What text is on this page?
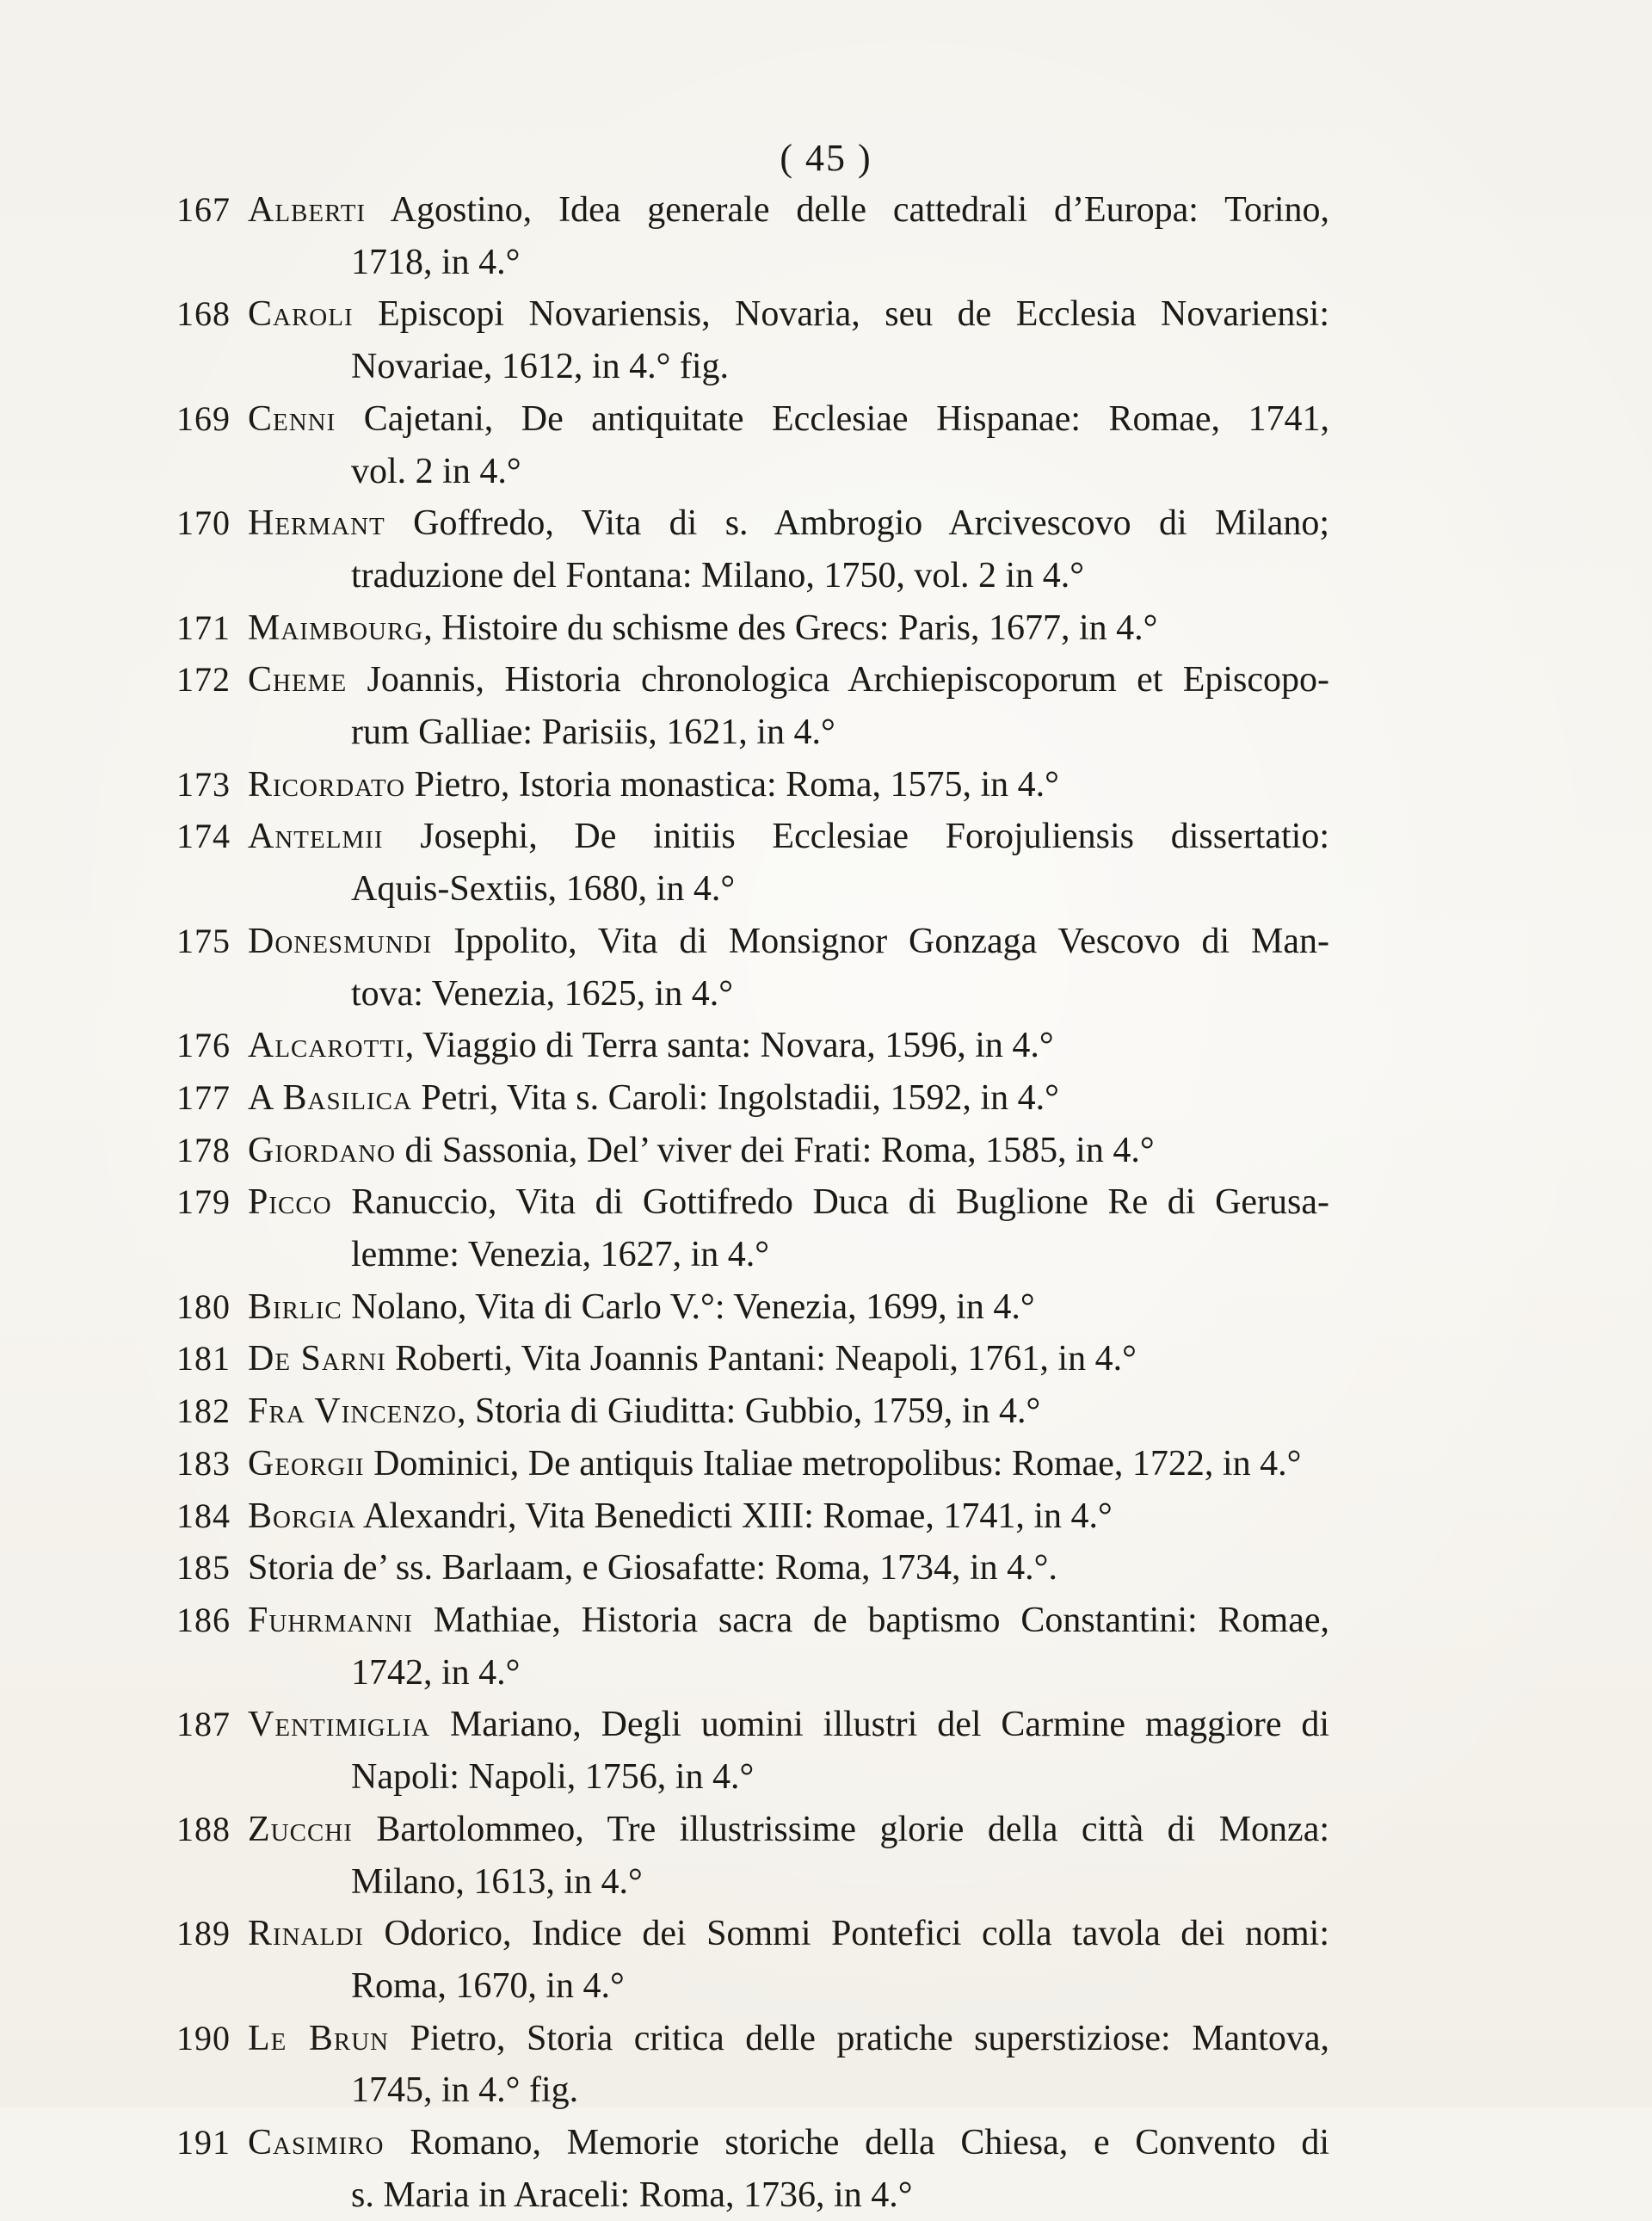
( 45 )
167 Alberti Agostino, Idea generale delle cattedrali d’Europa: Torino,
1718, in 4.°
168 Caroli Episcopi Novariensis, Novaria, seu de Ecclesia Novariensi:
Novariae, 1612, in 4.° fig.
169 Cenni Cajetani, De antiquitate Ecclesiae Hispanae: Romae, 1741,
vol. 2 in 4.°
170 Hermant Goffredo, Vita di s. Ambrogio Arcivescovo di Milano;
traduzione del Fontana: Milano, 1750, vol. 2 in 4.°
171 Maimbourg, Histoire du schisme des Grecs: Paris, 1677, in 4.°
172 Cheme Joannis, Historia chronologica Archiepiscoporum et Episcopo-
rum Galliae: Parisiis, 1621, in 4.°
173 Ricordato Pietro, Istoria monastica: Roma, 1575, in 4.°
174 Antelmii Josephi, De initiis Ecclesiae Forojuliensis dissertatio:
Aquis-Sextiis, 1680, in 4.°
175 Donesmundi Ippolito, Vita di Monsignor Gonzaga Vescovo di Man-
tova: Venezia, 1625, in 4.°
176 Alcarotti, Viaggio di Terra santa: Novara, 1596, in 4.°
177 A Basilica Petri, Vita s. Caroli: Ingolstadii, 1592, in 4.°
178 Giordano di Sassonia, Del’ viver dei Frati: Roma, 1585, in 4.°
179 Picco Ranuccio, Vita di Gottifredo Duca di Buglione Re di Gerusa-
lemme: Venezia, 1627, in 4.°
180 Birlic Nolano, Vita di Carlo V.°: Venezia, 1699, in 4.°
181 De Sarni Roberti, Vita Joannis Pantani: Neapoli, 1761, in 4.°
182 Fra Vincenzo, Storia di Giuditta: Gubbio, 1759, in 4.°
183 Georgii Dominici, De antiquis Italiae metropolibus: Romae, 1722, in 4.°
184 Borgia Alexandri, Vita Benedicti XIII: Romae, 1741, in 4.°
185 Storia de’ ss. Barlaam, e Giosafatte: Roma, 1734, in 4.°.
186 Fuhrmanni Mathiae, Historia sacra de baptismo Constantini: Romae,
1742, in 4.°
187 Ventimiglia Mariano, Degli uomini illustri del Carmine maggiore di
Napoli: Napoli, 1756, in 4.°
188 Zucchi Bartolommeo, Tre illustrissime glorie della città di Monza:
Milano, 1613, in 4.°
189 Rinaldi Odorico, Indice dei Sommi Pontefici colla tavola dei nomi:
Roma, 1670, in 4.°
190 Le Brun Pietro, Storia critica delle pratiche superstiziose: Mantova,
1745, in 4.° fig.
191 Casimiro Romano, Memorie storiche della Chiesa, e Convento di
s. Maria in Araceli: Roma, 1736, in 4.°
